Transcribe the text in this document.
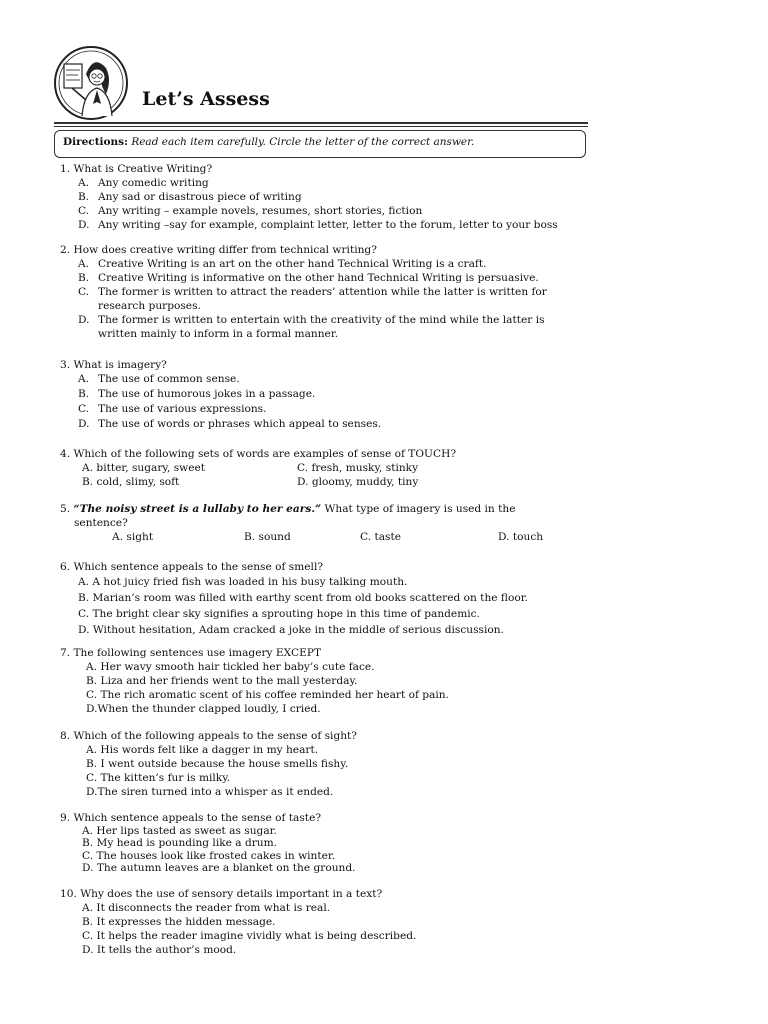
Let’s Assess
Directions: Read each item carefully. Circle the letter of the correct answer.
1. What is Creative Writing?
A. Any comedic writing
B. Any sad or disastrous piece of writing
C. Any writing – example novels, resumes, short stories, fiction
D. Any writing –say for example, complaint letter, letter to the forum, letter to your boss
2. How does creative writing differ from technical writing?
A. Creative Writing is an art on the other hand Technical Writing is a craft.
B. Creative Writing is informative on the other hand Technical Writing is persuasive.
C. The former is written to attract the readers’ attention while the latter is written for
research purposes.
D. The former is written to entertain with the creativity of the mind while the latter is
written mainly to inform in a formal manner.
3. What is imagery?
A. The use of common sense.
B. The use of humorous jokes in a passage.
C. The use of various expressions.
D. The use of words or phrases which appeal to senses.
4. Which of the following sets of words are examples of sense of TOUCH?
A. bitter, sugary, sweet	C. fresh, musky, stinky
B. cold, slimy, soft	D. gloomy, muddy, tiny
5. “The noisy street is a lullaby to her ears.” What type of imagery is used in the
sentence?
A. sight	B. sound	C. taste	D. touch
6. Which sentence appeals to the sense of smell?
A. A hot juicy fried fish was loaded in his busy talking mouth.
B. Marian’s room was filled with earthy scent from old books scattered on the floor.
C. The bright clear sky signifies a sprouting hope in this time of pandemic.
D. Without hesitation, Adam cracked a joke in the middle of serious discussion.
7. The following sentences use imagery EXCEPT
A. Her wavy smooth hair tickled her baby’s cute face.
B. Liza and her friends went to the mall yesterday.
C. The rich aromatic scent of his coffee reminded her heart of pain.
D.When the thunder clapped loudly, I cried.
8. Which of the following appeals to the sense of sight?
A. His words felt like a dagger in my heart.
B. I went outside because the house smells fishy.
C. The kitten’s fur is milky.
D.The siren turned into a whisper as it ended.
9. Which sentence appeals to the sense of taste?
A. Her lips tasted as sweet as sugar.
B. My head is pounding like a drum.
C. The houses look like frosted cakes in winter.
D. The autumn leaves are a blanket on the ground.
10. Why does the use of sensory details important in a text?
A. It disconnects the reader from what is real.
B. It expresses the hidden message.
C. It helps the reader imagine vividly what is being described.
D. It tells the author’s mood.
